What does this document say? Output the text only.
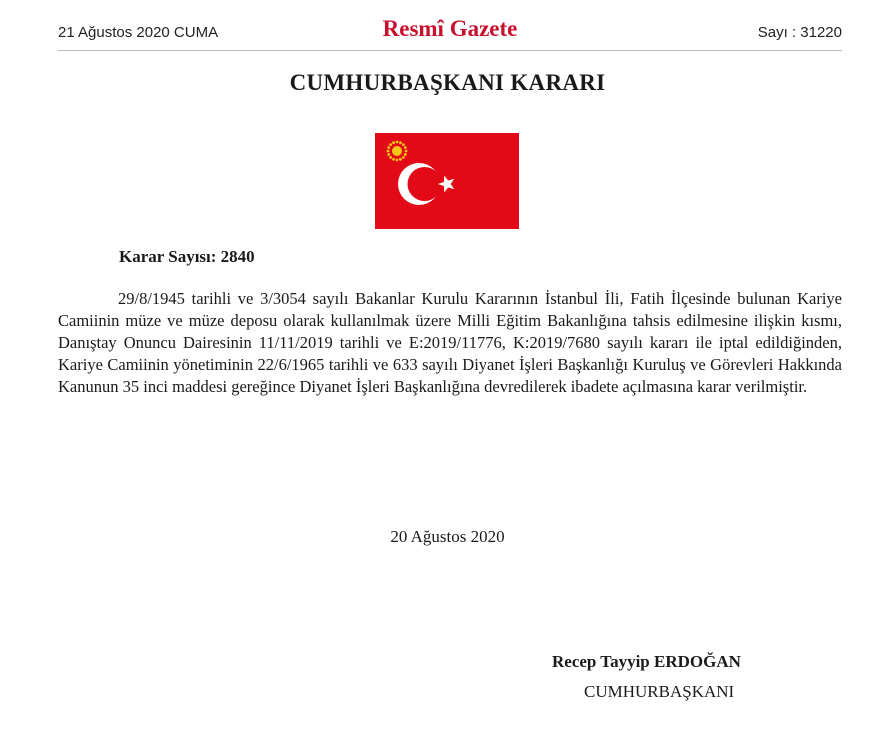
21 Ağustos 2020 CUMA	Resmî Gazete	Sayı : 31220
CUMHURBAŞKANI KARARI
Karar Sayısı: 2840

29/8/1945 tarihli ve 3/3054 sayılı Bakanlar Kurulu Kararının İstanbul İli, Fatih İlçesinde bulunan Kariye Camiinin müze ve müze deposu olarak kullanılmak üzere Milli Eğitim Bakanlığına tahsis edilmesine ilişkin kısmı, Danıştay Onuncu Dairesinin 11/11/2019 tarihli ve E:2019/11776, K:2019/7680 sayılı kararı ile iptal edildiğinden, Kariye Camiinin yönetiminin 22/6/1965 tarihli ve 633 sayılı Diyanet İşleri Başkanlığı Kuruluş ve Görevleri Hakkında Kanunun 35 inci maddesi gereğince Diyanet İşleri Başkanlığına devredilerek ibadete açılmasına karar verilmiştir.

20 Ağustos 2020
Recep Tayyip ERDOĞAN
CUMHURBAŞKANI
